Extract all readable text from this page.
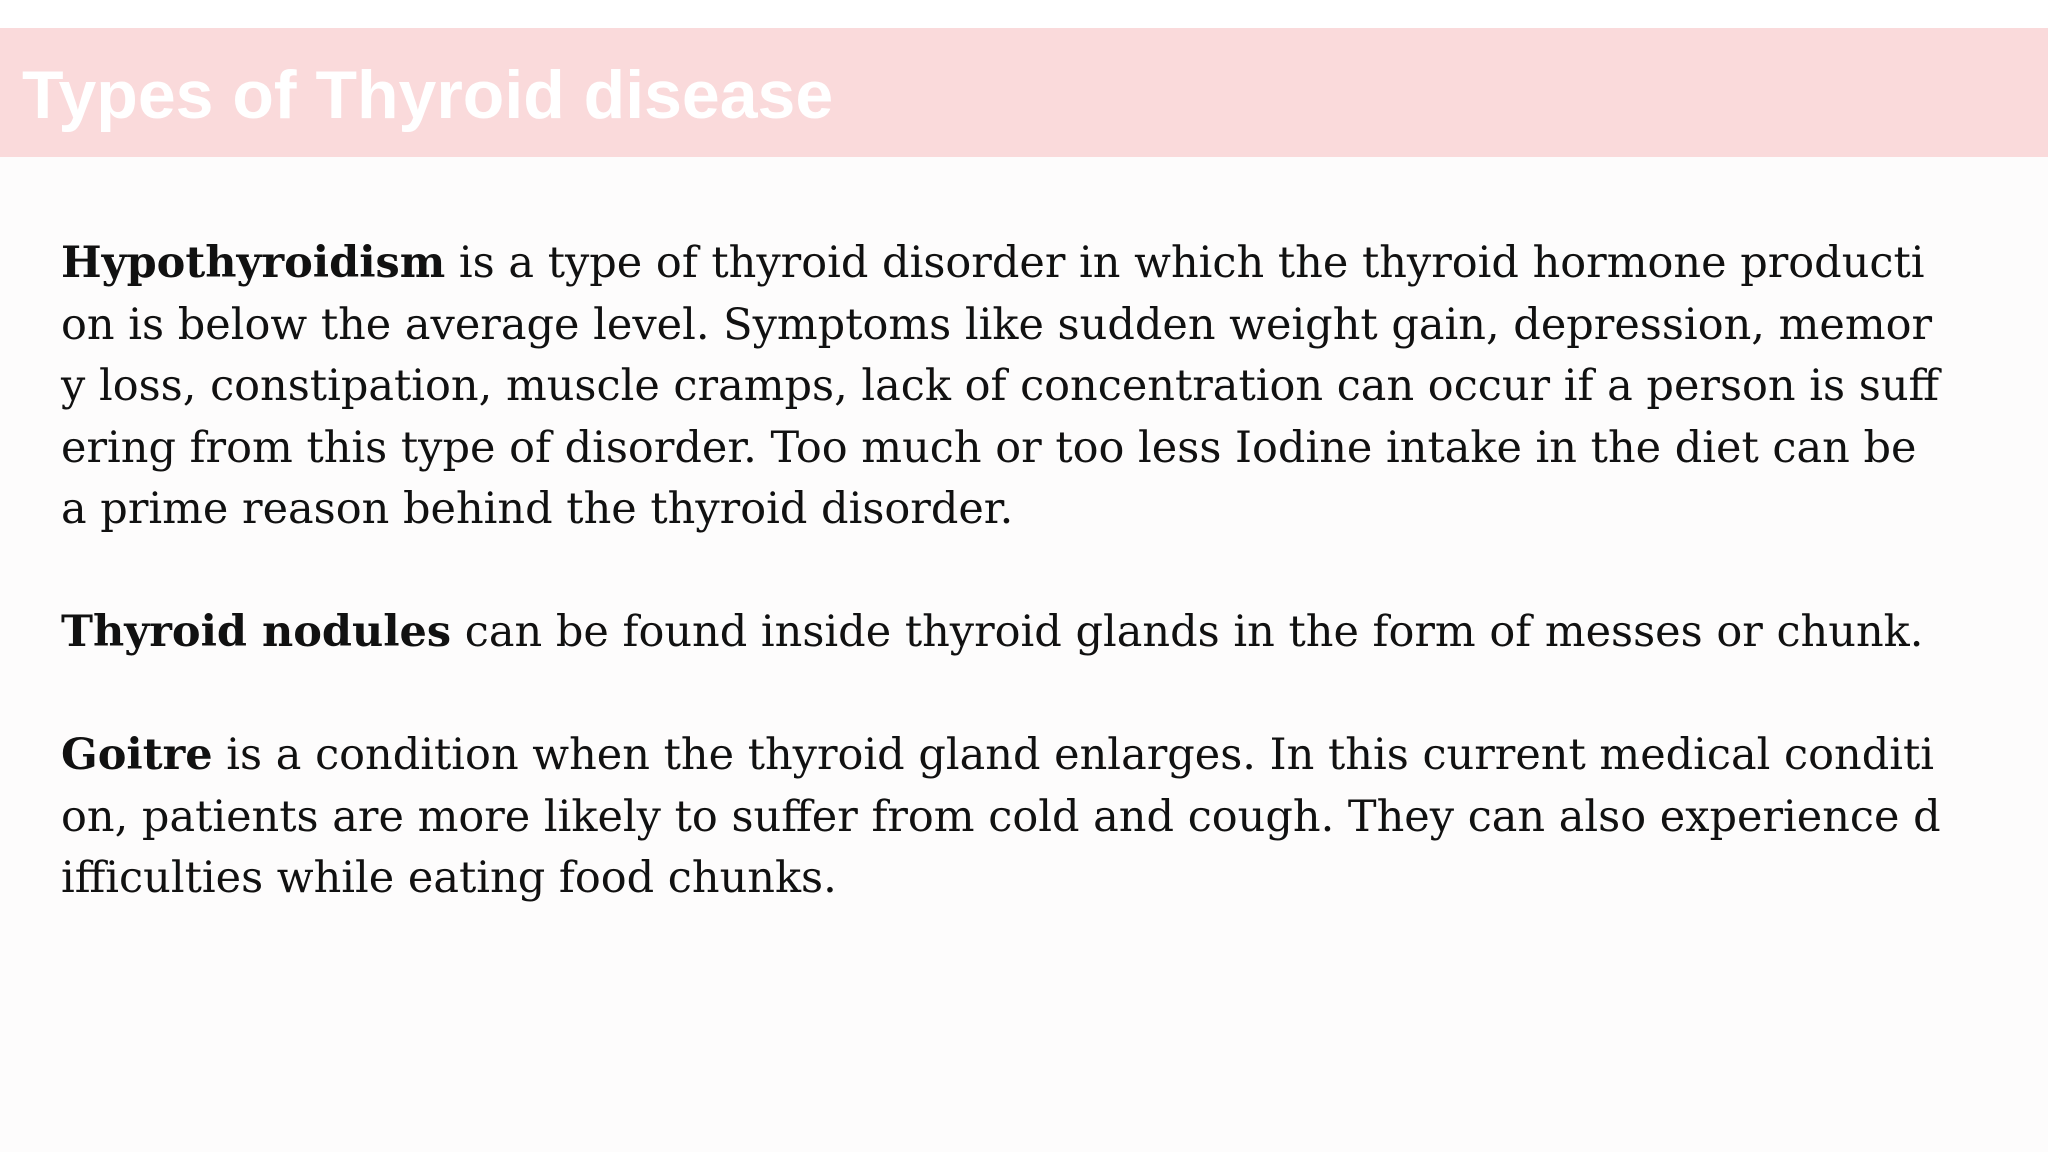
Types of Thyroid disease

Hypothyroidism is a type of thyroid disorder in which the thyroid hormone producti
on is below the average level. Symptoms like sudden weight gain, depression, memor
y loss, constipation, muscle cramps, lack of concentration can occur if a person is suff
ering from this type of disorder. Too much or too less Iodine intake in the diet can be
a prime reason behind the thyroid disorder.

Thyroid nodules can be found inside thyroid glands in the form of messes or chunk.

Goitre is a condition when the thyroid gland enlarges. In this current medical conditi
on, patients are more likely to suffer from cold and cough. They can also experience d
ifficulties while eating food chunks.
